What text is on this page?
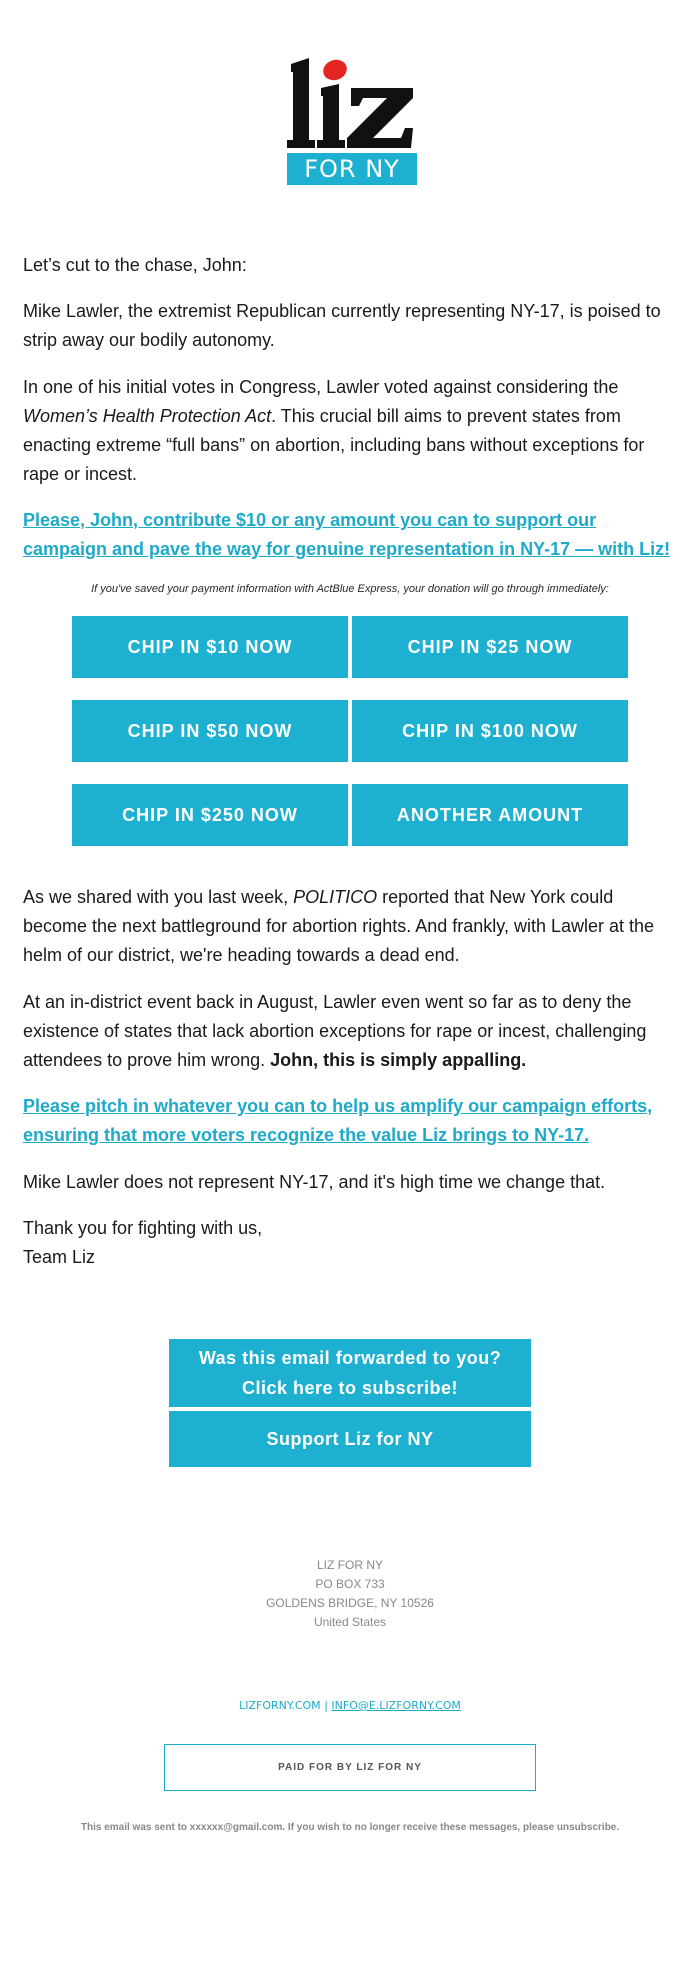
FOR NY
Let’s cut to the chase, John:
Mike Lawler, the extremist Republican currently representing NY-17, is poised to strip away our bodily autonomy.
In one of his initial votes in Congress, Lawler voted against considering the Women’s Health Protection Act. This crucial bill aims to prevent states from enacting extreme “full bans” on abortion, including bans without exceptions for rape or incest.
Please, John, contribute $10 or any amount you can to support our campaign and pave the way for genuine representation in NY-17 — with Liz!
If you've saved your payment information with ActBlue Express, your donation will go through immediately:
CHIP IN $10 NOW	CHIP IN $25 NOW
CHIP IN $50 NOW	CHIP IN $100 NOW
CHIP IN $250 NOW	ANOTHER AMOUNT
As we shared with you last week, POLITICO reported that New York could become the next battleground for abortion rights. And frankly, with Lawler at the helm of our district, we're heading towards a dead end.
At an in-district event back in August, Lawler even went so far as to deny the existence of states that lack abortion exceptions for rape or incest, challenging attendees to prove him wrong. John, this is simply appalling.
Please pitch in whatever you can to help us amplify our campaign efforts, ensuring that more voters recognize the value Liz brings to NY-17.
Mike Lawler does not represent NY-17, and it's high time we change that.
Thank you for fighting with us,
Team Liz
Was this email forwarded to you?
Click here to subscribe!
Support Liz for NY
LIZ FOR NY
PO BOX 733
GOLDENS BRIDGE, NY 10526
United States
LIZFORNY.COM | INFO@E.LIZFORNY.COM
PAID FOR BY LIZ FOR NY
This email was sent to xxxxxx@gmail.com. If you wish to no longer receive these messages, please unsubscribe.
